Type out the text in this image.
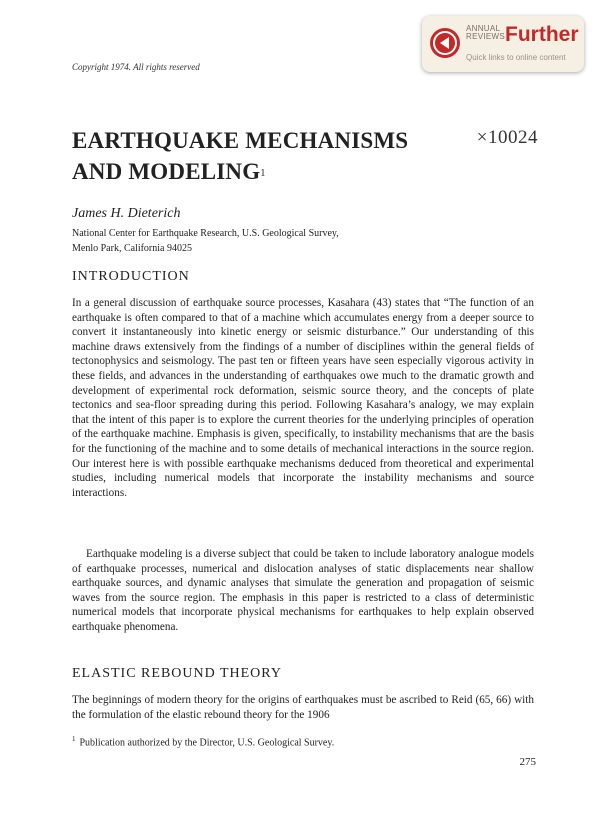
ANNUAL REVIEWS Further
Quick links to online content
Copyright 1974. All rights reserved
EARTHQUAKE MECHANISMS
AND $MODELING^1$
×10024
James H. Dieterich
National Center for Earthquake Research, U.S. Geological Survey,
Menlo Park, California 94025
INTRODUCTION

In a general discussion of earthquake source processes, Kasahara (43) states that “The function of an earthquake is often compared to that of a machine which accumulates energy from a deeper source to convert it instantaneously into kinetic energy or seismic disturbance.” Our understanding of this machine draws extensively from the findings of a number of disciplines within the general fields of tectonophysics and seismology. The past ten or fifteen years have seen especially vigorous activity in these fields, and advances in the understanding of earthquakes owe much to the dramatic growth and development of experimental rock deformation, seismic source theory, and the concepts of plate tectonics and sea-floor spreading during this period. Following Kasahara’s analogy, we may explain that the intent of this paper is to explore the current theories for the underlying principles of operation of the earthquake machine. Emphasis is given, specifically, to instability mechanisms that are the basis for the functioning of the machine and to some details of mechanical interactions in the source region. Our interest here is with possible earthquake mechanisms deduced from theoretical and experimental studies, including numerical models that incorporate the instability mechanisms and source interactions.

Earthquake modeling is a diverse subject that could be taken to include laboratory analogue models of earthquake processes, numerical and dislocation analyses of static displacements near shallow earthquake sources, and dynamic analyses that simulate the generation and propagation of seismic waves from the source region. The emphasis in this paper is restricted to a class of deterministic numerical models that incorporate physical mechanisms for earthquakes to help explain observed earthquake phenomena.

ELASTIC REBOUND THEORY

The beginnings of modern theory for the origins of earthquakes must be ascribed to Reid (65, 66) with the formulation of the elastic rebound theory for the 1906

$^1$ Publication authorized by the Director, U.S. Geological Survey.
275
